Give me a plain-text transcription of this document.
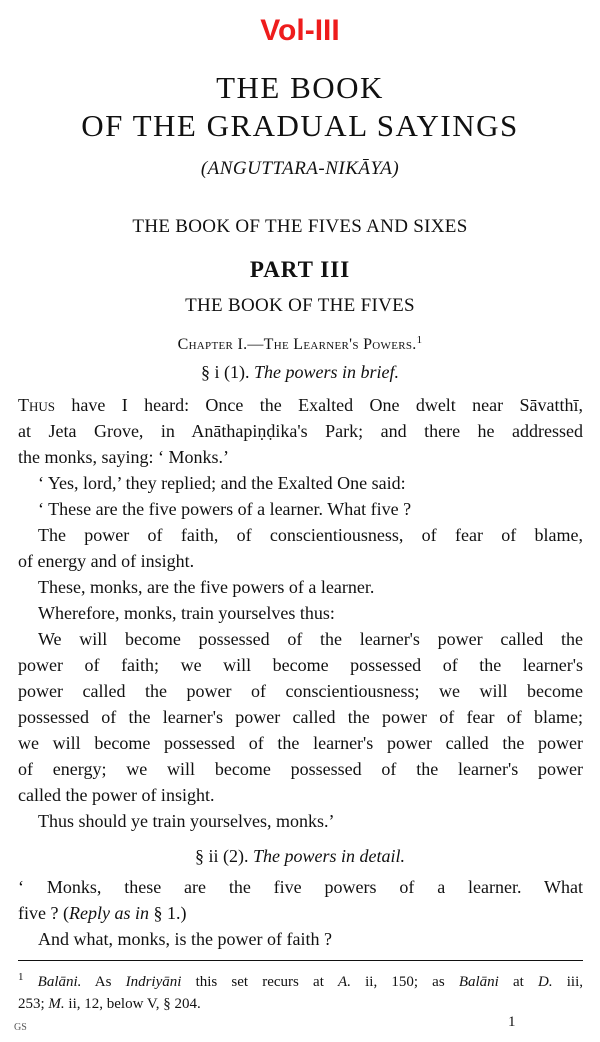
Vol-III
THE BOOK
OF THE GRADUAL SAYINGS
(ANGUTTARA-NIKĀYA)
THE BOOK OF THE FIVES AND SIXES
PART III
THE BOOK OF THE FIVES
Chapter I.—The Learner's Powers.$^1$
§ i (1). The powers in brief.

Thus have I heard: Once the Exalted One dwelt near Sāvatthī,

at Jeta Grove, in Anāthapiṇḍika's Park; and there he addressed

the monks, saying: ‘ Monks.’

‘ Yes, lord,’ they replied; and the Exalted One said:

‘ These are the five powers of a learner. What five ?

The power of faith, of conscientiousness, of fear of blame,

of energy and of insight.

These, monks, are the five powers of a learner.

Wherefore, monks, train yourselves thus:

We will become possessed of the learner's power called the

power of faith; we will become possessed of the learner's

power called the power of conscientiousness; we will become

possessed of the learner's power called the power of fear of blame;

we will become possessed of the learner's power called the power

of energy; we will become possessed of the learner's power

called the power of insight.

Thus should ye train yourselves, monks.’

§ ii (2). The powers in detail.

‘ Monks, these are the five powers of a learner. What

five ? (Reply as in § 1.)

And what, monks, is the power of faith ?

$^1$ Balāni. As Indriyāni this set recurs at A. ii, 150; as Balāni at D. iii,

253; M. ii, 12, below V, § 204.

GS	1
